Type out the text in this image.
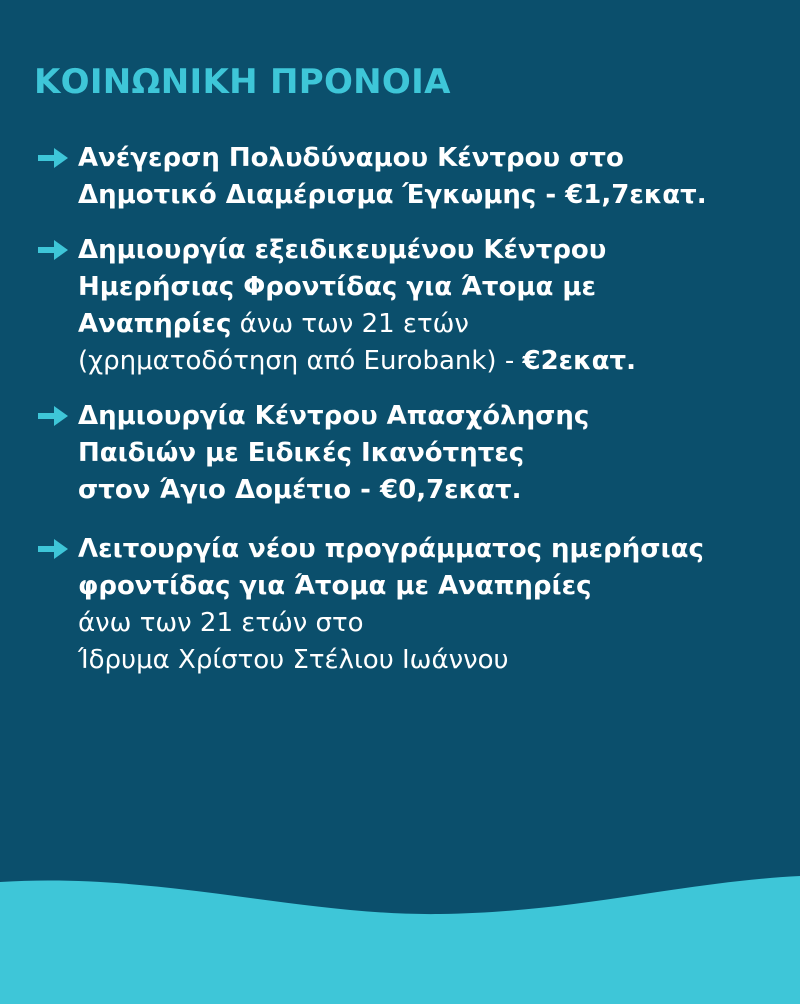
ΚΟΙΝΩΝΙΚΗ ΠΡΟΝΟΙΑ
Ανέγερση Πολυδύναμου Κέντρου στο
Δημοτικό Διαμέρισμα Έγκωμης - €1,7εκατ.
Δημιουργία εξειδικευμένου Κέντρου
Ημερήσιας Φροντίδας για Άτομα με
Αναπηρίες άνω των 21 ετών
(χρηματοδότηση από Eurobank) - €2εκατ.
Δημιουργία Κέντρου Απασχόλησης
Παιδιών με Ειδικές Ικανότητες
στον Άγιο Δομέτιο - €0,7εκατ.
Λειτουργία νέου προγράμματος ημερήσιας
φροντίδας για Άτομα με Αναπηρίες
άνω των 21 ετών στο
Ίδρυμα Χρίστου Στέλιου Ιωάννου
